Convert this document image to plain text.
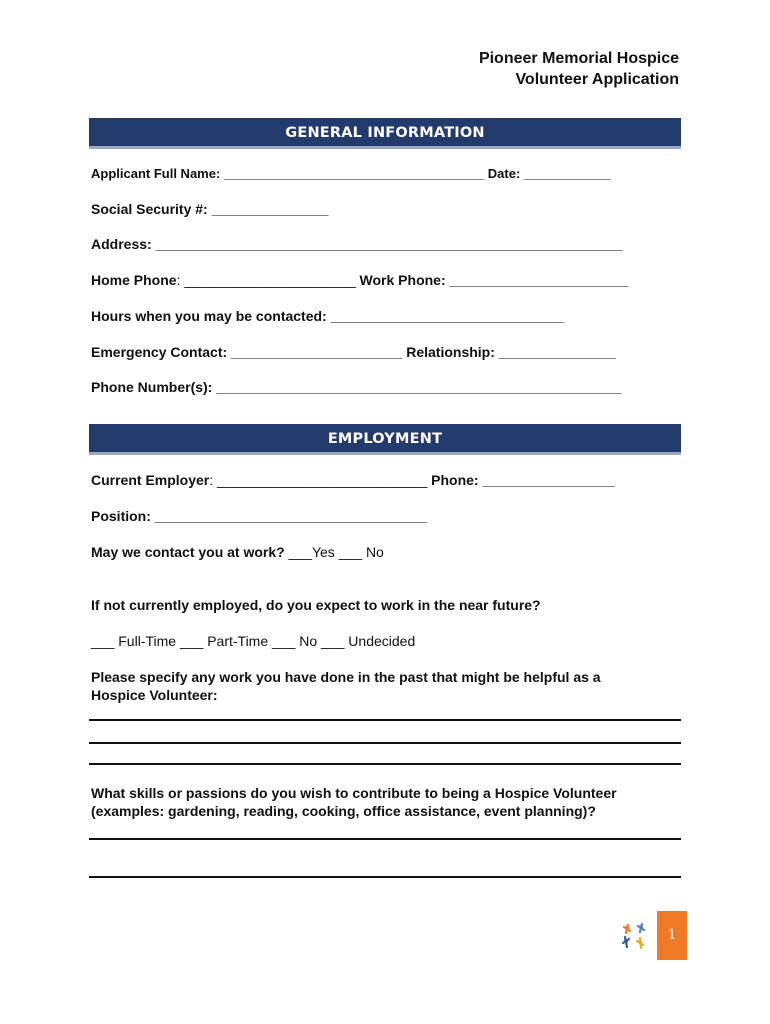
Pioneer Memorial Hospice
Volunteer Application
GENERAL INFORMATION
Applicant Full Name: ____________________________________ Date: ____________
Social Security #: _______________
Address: ____________________________________________________________
Home Phone: ______________________ Work Phone: _______________________
Hours when you may be contacted: ______________________________
Emergency Contact: ______________________ Relationship: _______________
Phone Number(s): ____________________________________________________
EMPLOYMENT
Current Employer: ___________________________ Phone: _________________
Position: ___________________________________
May we contact you at work? ___Yes ___ No
If not currently employed, do you expect to work in the near future?
___ Full-Time ___ Part-Time ___ No ___ Undecided
Please specify any work you have done in the past that might be helpful as a
Hospice Volunteer:
What skills or passions do you wish to contribute to being a Hospice Volunteer
(examples: gardening, reading, cooking, office assistance, event planning)?
1
